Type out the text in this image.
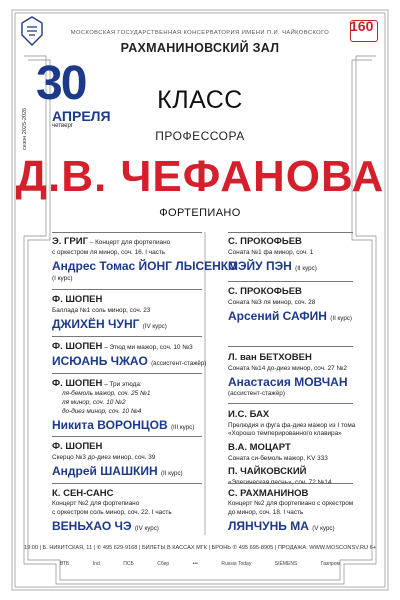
МОСКОВСКАЯ ГОСУДАРСТВЕННАЯ КОНСЕРВАТОРИЯ ИМЕНИ П.И. ЧАЙКОВСКОГО	160
РАХМАНИНОВСКИЙ ЗАЛ
сезон 2025-2026
30
АПРЕЛЯ
четверг
КЛАСС
ПРОФЕССОРА
Д.В. ЧЕФАНОВА
ФОРТЕПИАНО
Э. ГРИГ – Концерт для фортепиано
с оркестром ля минор, соч. 16. I часть
Андрес Томас ЙОНГ ЛЫСЕНКО
(I курс)
Ф. ШОПЕН
Баллада №1 соль минор, соч. 23
ДЖИХЁН ЧУНГ (IV курс)
Ф. ШОПЕН – Этюд ми мажор, соч. 10 №3
ИСЮАНЬ ЧЖАО (ассистент-стажёр)
Ф. ШОПЕН – Три этюда:
ля-бемоль мажор, соч. 25 №1
ля минор, соч. 10 №2
до-диез минор, соч. 10 №4
Никита ВОРОНЦОВ (III курс)
Ф. ШОПЕН
Скерцо №3 до-диез минор, соч. 39
Андрей ШАШКИН (II курс)
К. СЕН-САНС
Концерт №2 для фортепиано
с оркестром соль минор, соч. 22. I часть
ВЕНЬХАО ЧЭ (IV курс)
С. ПРОКОФЬЕВ
Соната №1 фа минор, соч. 1
МЭЙУ ПЭН (II курс)
С. ПРОКОФЬЕВ
Соната №3 ля минор, соч. 28
Арсений САФИН (II курс)
Л. ван БЕТХОВЕН
Соната №14 до-диез минор, соч. 27 №2
Анастасия МОВЧАН
(ассистент-стажёр)
И.С. БАХ
Прелюдия и фуга фа-диез мажор из I тома
«Хорошо темперированного клавира»
В.А. МОЦАРТ
Соната си-бемоль мажор, KV 333
П. ЧАЙКОВСКИЙ
С. РАХМАНИНОВ
Концерт №2 для фортепиано с оркестром
до минор, соч. 18. I часть
ЛЯНЧУНЬ МА (V курс)
19:00 | Б. НИКИТСКАЯ, 11 | ✆ 495 629-9168 | БИЛЕТЫ В КАССАХ МГК | БРОНЬ ✆ 495 695-8905 | ПРОДАЖА: WWW.MOSCONSV.RU 6+
ВТБ	Ind	ПСБ	Сбер	•••	Russia Today	SIEMENS	Газпром
